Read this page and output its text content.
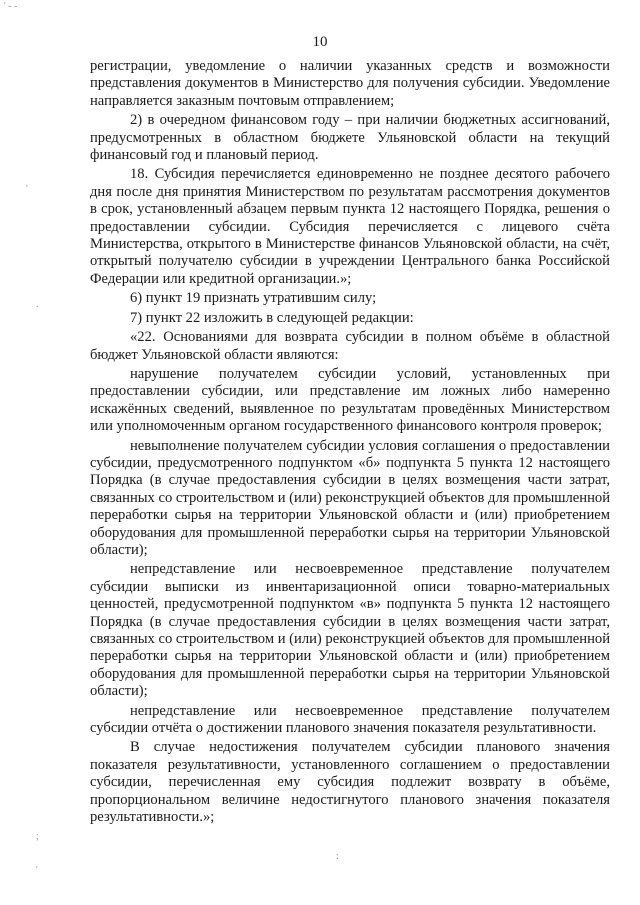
' - -
'
.
;
'
:
10

регистрации, уведомление о наличии указанных средств и возможности представления документов в Министерство для получения субсидии. Уведомление направляется заказным почтовым отправлением;

2) в очередном финансовом году – при наличии бюджетных ассигнований, предусмотренных в областном бюджете Ульяновской области на текущий финансовый год и плановый период.

18. Субсидия перечисляется единовременно не позднее десятого рабочего дня после дня принятия Министерством по результатам рассмотрения документов в срок, установленный абзацем первым пункта 12 настоящего Порядка, решения о предоставлении субсидии. Субсидия перечисляется с лицевого счёта Министерства, открытого в Министерстве финансов Ульяновской области, на счёт, открытый получателю субсидии в учреждении Центрального банка Российской Федерации или кредитной организации.»;

6) пункт 19 признать утратившим силу;

7) пункт 22 изложить в следующей редакции:

«22. Основаниями для возврата субсидии в полном объёме в областной бюджет Ульяновской области являются:

нарушение получателем субсидии условий, установленных при предоставлении субсидии, или представление им ложных либо намеренно искажённых сведений, выявленное по результатам проведённых Министерством или уполномоченным органом государственного финансового контроля проверок;

невыполнение получателем субсидии условия соглашения о предоставлении субсидии, предусмотренного подпунктом «б» подпункта 5 пункта 12 настоящего Порядка (в случае предоставления субсидии в целях возмещения части затрат, связанных со строительством и (или) реконструкцией объектов для промышленной переработки сырья на территории Ульяновской области и (или) приобретением оборудования для промышленной переработки сырья на территории Ульяновской области);

непредставление или несвоевременное представление получателем субсидии выписки из инвентаризационной описи товарно-материальных ценностей, предусмотренной подпунктом «в» подпункта 5 пункта 12 настоящего Порядка (в случае предоставления субсидии в целях возмещения части затрат, связанных со строительством и (или) реконструкцией объектов для промышленной переработки сырья на территории Ульяновской области и (или) приобретением оборудования для промышленной переработки сырья на территории Ульяновской области);

непредставление или несвоевременное представление получателем субсидии отчёта о достижении планового значения показателя результативности.

В случае недостижения получателем субсидии планового значения показателя результативности, установленного соглашением о предоставлении субсидии, перечисленная ему субсидия подлежит возврату в объёме, пропорциональном величине недостигнутого планового значения показателя результативности.»;
